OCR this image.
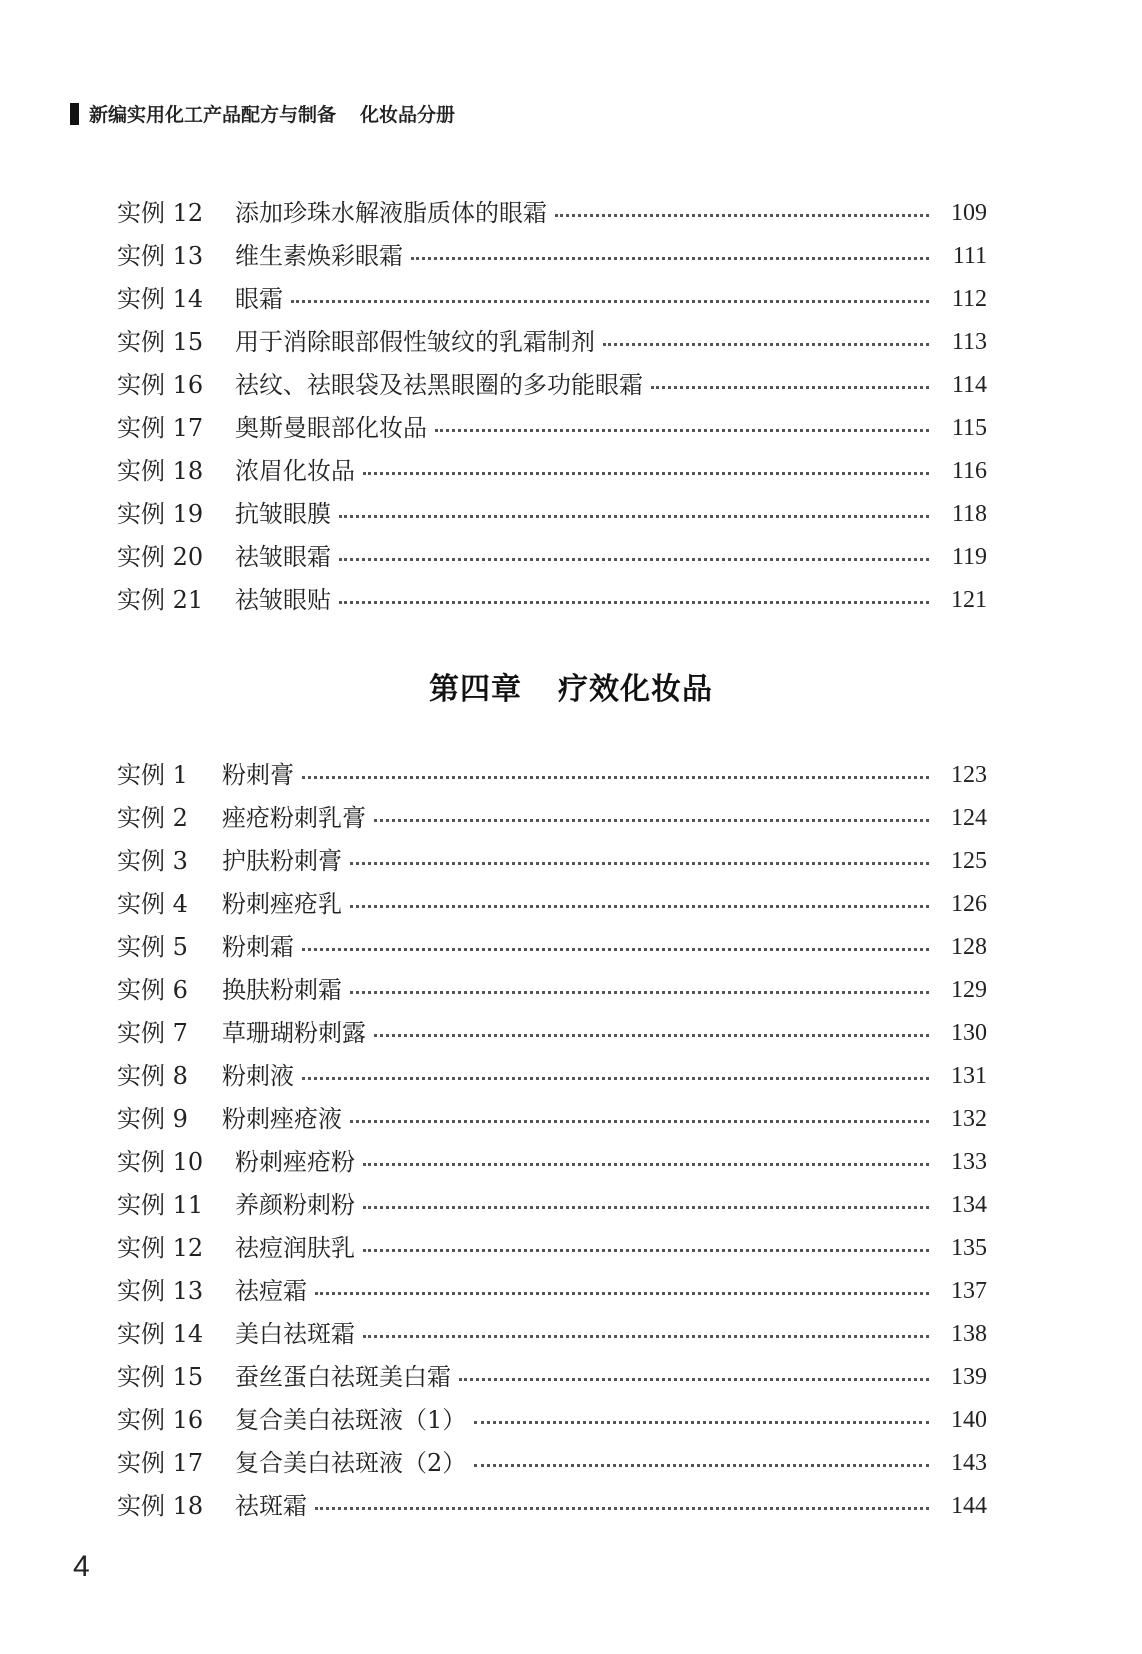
新编实用化工产品配方与制备 化妆品分册
实例 12	添加珍珠水解液脂质体的眼霜	109
实例 13	维生素焕彩眼霜	111
实例 14	眼霜	112
实例 15	用于消除眼部假性皱纹的乳霜制剂	113
实例 16	祛纹、祛眼袋及祛黑眼圈的多功能眼霜	114
实例 17	奥斯曼眼部化妆品	115
实例 18	浓眉化妆品	116
实例 19	抗皱眼膜	118
实例 20	祛皱眼霜	119
实例 21	祛皱眼贴	121
第四章 疗效化妆品
实例 1	粉刺膏	123
实例 2	痤疮粉刺乳膏	124
实例 3	护肤粉刺膏	125
实例 4	粉刺痤疮乳	126
实例 5	粉刺霜	128
实例 6	换肤粉刺霜	129
实例 7	草珊瑚粉刺露	130
实例 8	粉刺液	131
实例 9	粉刺痤疮液	132
实例 10	粉刺痤疮粉	133
实例 11	养颜粉刺粉	134
实例 12	祛痘润肤乳	135
实例 13	祛痘霜	137
实例 14	美白祛斑霜	138
实例 15	蚕丝蛋白祛斑美白霜	139
实例 16	复合美白祛斑液（1）	140
实例 17	复合美白祛斑液（2）	143
实例 18	祛斑霜	144
4
